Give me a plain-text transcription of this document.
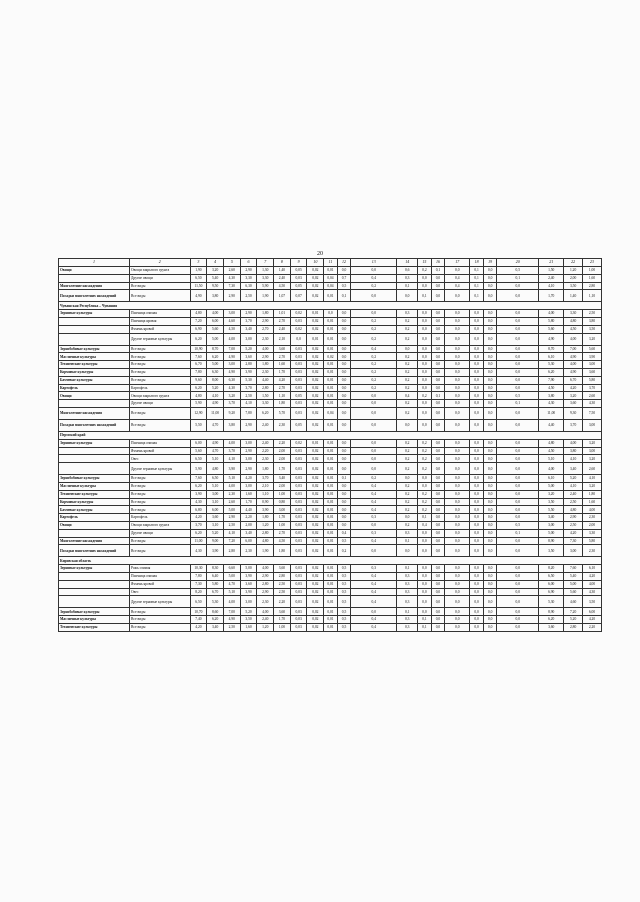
20
1	2	3	4	5	6	7	8	9	10	11	12	13	14	15	16	17	18	19	20	21	22	23
Овощи	Овощи закрытого грунта	1,90	3,20	2,60	2,90	1,30	1,40	0,05	0,02	0,01	0,0	0,0	0,6	0,2	0,1	0,0	0,1	0,0	0,5	1,50	1,20	1,00
	Другие овощи	6,50	5,40	4,30	3,30	3,30	2,40	0,03	0,02	0,04	0,7	0,4	0,3	0,0	0,0	0,4	0,1	0,0	0,1	2,40	2,00	1,60
Многолетние насаждения	Все виды	11,50	9,50	7,30	6,30	5,90	4,50	0,05	0,02	0,04	0,5	0,2	0,1	0,0	0,0	0,4	0,1	0,0	0,0	4,10	3,50	2,80
Посадки многолетних насаждений	Все виды	4,90	3,80	2,90	2,50	1,90	1,07	0,07	0,02	0,01	0,1	0,0	0,0	0,1	0,0	0,0	0,1	0,0	0,0	1,70	1,40	1,10
Чувашская Республика – Чувашия																						
Зерновые культуры	Пшеница озимая	4,80	4,00	3,00	2,90	1,80	1,01	0,02	0,01	0,0	0,0	0,0	0,3	0,0	0,0	0,0	0,0	0,0	0,0	4,00	3,30	2,50
	Пшеница яровая	7,20	6,00	4,60	3,70	2,90	2,70	0,03	0,02	0,01	0,0	0,2	0,2	0,0	0,0	0,0	0,0	0,0	0,0	5,80	4,80	3,80
	Ячмень яровой	6,90	5,60	4,50	3,40	2,70	2,40	0,02	0,02	0,01	0,0	0,2	0,2	0,0	0,0	0,0	0,0	0,0	0,0	5,60	4,50	3,50
	Другие зерновые культуры	6,20	5,00	4,00	3,00	2,30	2,10	0,0	0,01	0,01	0,0	0,2	0,2	0,0	0,0	0,0	0,0	0,0	0,0	4,90	4,00	3,20
Зернобобовые культуры	Все виды	10,90	8,70	7,00	5,20	4,00	3,60	0,03	0,02	0,01	0,0	0,4	0,0	0,0	0,0	0,0	0,0	0,0	0,0	8,70	7,00	5,60
Масличные культуры	Все виды	7,60	6,20	4,90	3,60	2,90	2,70	0,03	0,02	0,02	0,0	0,2	0,2	0,0	0,0	0,0	0,0	0,0	0,0	6,10	4,90	3,90
Технические культуры	Все виды	6,70	5,00	3,00	2,80	1,80	1,60	0,03	0,02	0,01	0,0	0,2	0,2	0,0	0,0	0,0	0,0	0,0	0,0	5,30	4,00	3,00
Кормовые культуры	Все виды	7,80	6,30	4,90	3,90	2,30	1,70	0,03	0,02	0,01	0,0	0,2	0,2	0,0	0,0	0,0	0,0	0,0	0,0	6,20	4,90	3,60
Бахчевые культуры	Все виды	9,60	8,00	6,30	5,30	4,40	4,20	0,03	0,02	0,01	0,0	0,2	0,2	0,0	0,0	0,0	0,0	0,0	0,0	7,90	6,70	5,80
Картофель	Картофель	6,20	5,20	4,30	3,70	2,80	2,70	0,03	0,02	0,01	0,0	0,2	0,2	0,0	0,0	0,0	0,0	0,0	0,0	4,50	4,20	3,70
Овощи	Овощи закрытого грунта	4,80	4,10	3,20	2,50	1,50	1,10	0,05	0,02	0,01	0,0	0,0	0,4	0,2	0,1	0,0	0,0	0,0	0,5	3,80	3,20	2,60
	Другие овощи	5,90	4,90	3,70	4,10	3,30	1,80	0,03	0,02	0,01	0,0	0,0	0,2	0,0	0,0	0,0	0,0	0,0	0,1	4,30	3,60	4,30
Многолетние насаждения	Все виды	12,90	11,00	9,20	7,80	6,20	5,70	0,03	0,02	0,04	0,0	0,0	0,2	0,0	0,0	0,0	0,0	0,0	0,0	11,00	9,30	7,50
Посадки многолетних насаждений	Все виды	5,50	4,70	3,80	2,90	2,40	2,30	0,05	0,02	0,01	0,0	0,0	0,0	0,0	0,0	0,0	0,0	0,0	0,0	4,40	3,70	3,00
Пермский край																						
Зерновые культуры	Пшеница озимая	6,00	4,90	4,00	3,00	2,40	2,20	0,02	0,01	0,01	0,0	0,0	0,2	0,2	0,0	0,0	0,0	0,0	0,0	4,80	4,00	3,20
	Ячмень яровой	5,60	4,70	3,70	2,90	2,20	2,00	0,03	0,02	0,01	0,0	0,0	0,2	0,2	0,0	0,0	0,0	0,0	0,0	4,50	3,80	3,00
	Овес	6,50	5,10	4,10	3,00	2,30	2,00	0,03	0,02	0,01	0,0	0,0	0,2	0,2	0,0	0,0	0,0	0,0	0,0	5,10	4,10	3,20
	Другие зерновые культуры	5,90	4,80	3,90	2,90	1,80	1,70	0,03	0,02	0,01	0,0	0,0	0,2	0,2	0,0	0,0	0,0	0,0	0,0	4,00	3,40	2,60
Зернобобовые культуры	Все виды	7,60	6,50	5,10	4,20	3,70	3,40	0,03	0,02	0,01	0,1	0,2	0,0	0,0	0,0	0,0	0,0	0,0	0,0	6,10	5,20	4,10
Масличные культуры	Все виды	6,20	5,10	4,00	3,00	2,10	2,00	0,03	0,02	0,01	0,0	0,4	0,2	0,0	0,0	0,0	0,0	0,0	0,0	5,00	4,10	3,20
Технические культуры	Все виды	3,90	3,00	2,30	1,60	1,10	1,00	0,03	0,02	0,01	0,0	0,4	0,2	0,2	0,0	0,0	0,0	0,0	0,0	3,20	2,40	1,80
Кормовые культуры	Все виды	4,30	3,10	2,60	1,70	0,90	0,80	0,03	0,02	0,01	0,0	0,4	0,2	0,2	0,0	0,0	0,0	0,0	0,0	3,50	2,50	1,60
Бахчевые культуры	Все виды	6,80	6,00	5,00	4,40	3,90	3,00	0,03	0,02	0,01	0,0	0,4	0,2	0,2	0,0	0,0	0,0	0,0	0,0	5,50	4,80	4,00
Картофель	Картофель	4,20	3,60	2,90	2,20	1,80	1,70	0,03	0,02	0,01	0,0	0,3	0,0	0,1	0,0	0,0	0,0	0,0	0,0	3,40	2,90	2,30
Овощи	Овощи закрытого грунта	3,70	3,10	2,50	2,00	1,20	1,00	0,03	0,02	0,01	0,0	0,0	0,2	0,4	0,0	0,0	0,0	0,0	0,5	3,00	2,50	2,00
	Другие овощи	6,20	5,20	4,10	3,40	2,80	2,70	0,03	0,02	0,01	0,4	0,3	0,3	0,0	0,0	0,0	0,0	0,0	0,1	5,00	4,20	3,30
Многолетние насаждения	Все виды	11,00	9,00	7,20	6,00	4,80	4,50	0,03	0,02	0,01	0,5	0,4	0,1	0,0	0,0	0,0	0,0	0,0	0,0	8,90	7,30	5,80
Посадки многолетних насаждений	Все виды	4,30	3,90	2,80	2,30	1,90	1,80	0,03	0,02	0,01	0,2	0,0	0,0	0,0	0,0	0,0	0,0	0,0	0,0	3,50	3,00	2,30
Кировская область																						
Зерновые культуры	Рожь озимая	10,30	8,30	6,60	5,00	4,00	3,60	0,03	0,02	0,01	0,5	0,3	0,1	0,0	0,0	0,0	0,0	0,0	0,0	8,20	7,60	6,10
	Пшеница озимая	7,80	6,40	5,00	3,90	2,90	2,80	0,03	0,02	0,01	0,5	0,4	0,3	0,0	0,0	0,0	0,0	0,0	0,0	6,50	5,40	4,20
	Ячмень яровой	7,30	5,80	4,70	3,60	2,80	2,50	0,03	0,02	0,01	0,5	0,4	0,3	0,0	0,0	0,0	0,0	0,0	0,0	6,00	5,00	4,00
	Овес	8,20	6,70	5,10	3,90	2,90	2,50	0,03	0,02	0,01	0,5	0,4	0,3	0,0	0,0	0,0	0,0	0,0	0,0	6,90	5,60	4,30
	Другие зерновые культуры	6,50	5,30	4,00	3,00	2,30	2,20	0,03	0,02	0,01	0,5	0,4	0,3	0,0	0,0	0,0	0,0	0,0	0,0	5,30	4,60	3,50
Зернобобовые культуры	Все виды	10,70	8,60	7,00	5,20	4,00	3,60	0,03	0,02	0,01	0,5	0,0	0,1	0,0	0,0	0,0	0,0	0,0	0,0	8,90	7,20	6,00
Масличные культуры	Все виды	7,40	6,20	4,90	3,50	2,40	1,70	0,03	0,02	0,01	0,5	0,4	0,3	0,1	0,0	0,0	0,0	0,0	0,0	6,20	5,20	4,20
Технические культуры	Все виды	4,20	3,40	2,50	1,60	1,20	1,00	0,03	0,02	0,01	0,5	0,4	0,3	0,1	0,0	0,0	0,0	0,0	0,0	3,60	2,80	2,20
